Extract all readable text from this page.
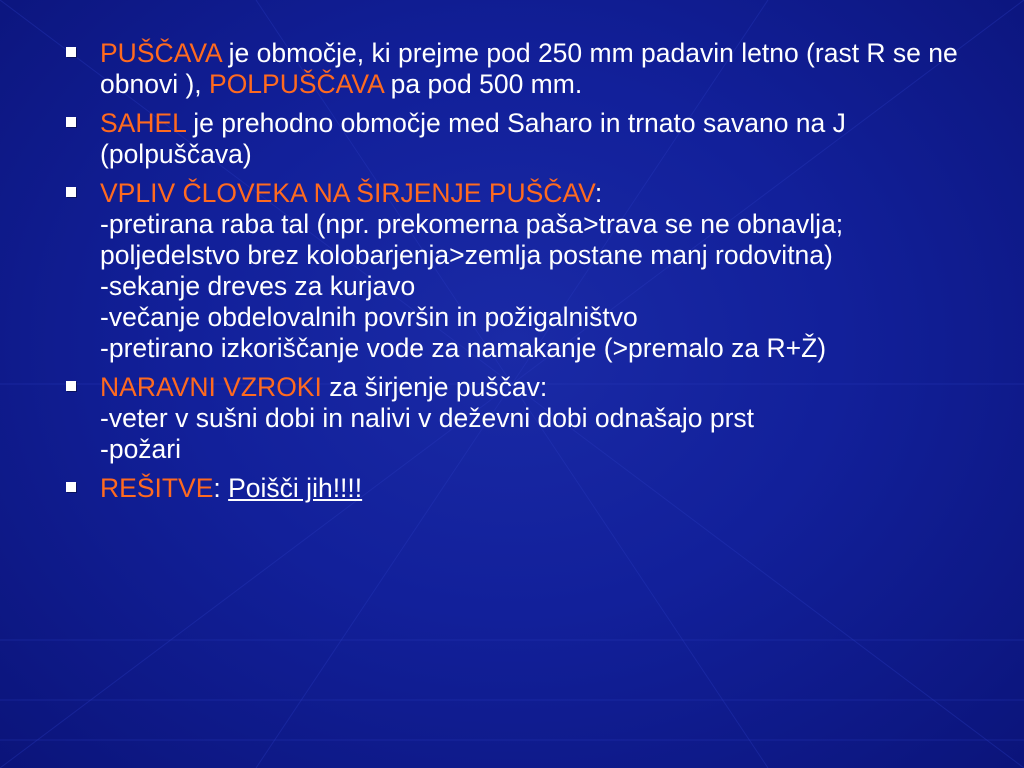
PUŠČAVA je območje, ki prejme pod 250 mm padavin letno (rast R se ne obnovi ), POLPUŠČAVA pa pod 500 mm.
SAHEL je prehodno območje med Saharo in trnato savano na J (polpuščava)
VPLIV ČLOVEKA NA ŠIRJENJE PUŠČAV:
-pretirana raba tal (npr. prekomerna paša>trava se ne obnavlja; poljedelstvo brez kolobarjenja>zemlja postane manj rodovitna)
-sekanje dreves za kurjavo
-večanje obdelovalnih površin in požigalništvo
-pretirano izkoriščanje vode za namakanje (>premalo za R+Ž)
NARAVNI VZROKI za širjenje puščav:
-veter v sušni dobi in nalivi v deževni dobi odnašajo prst
-požari
REŠITVE: Poišči jih!!!!
